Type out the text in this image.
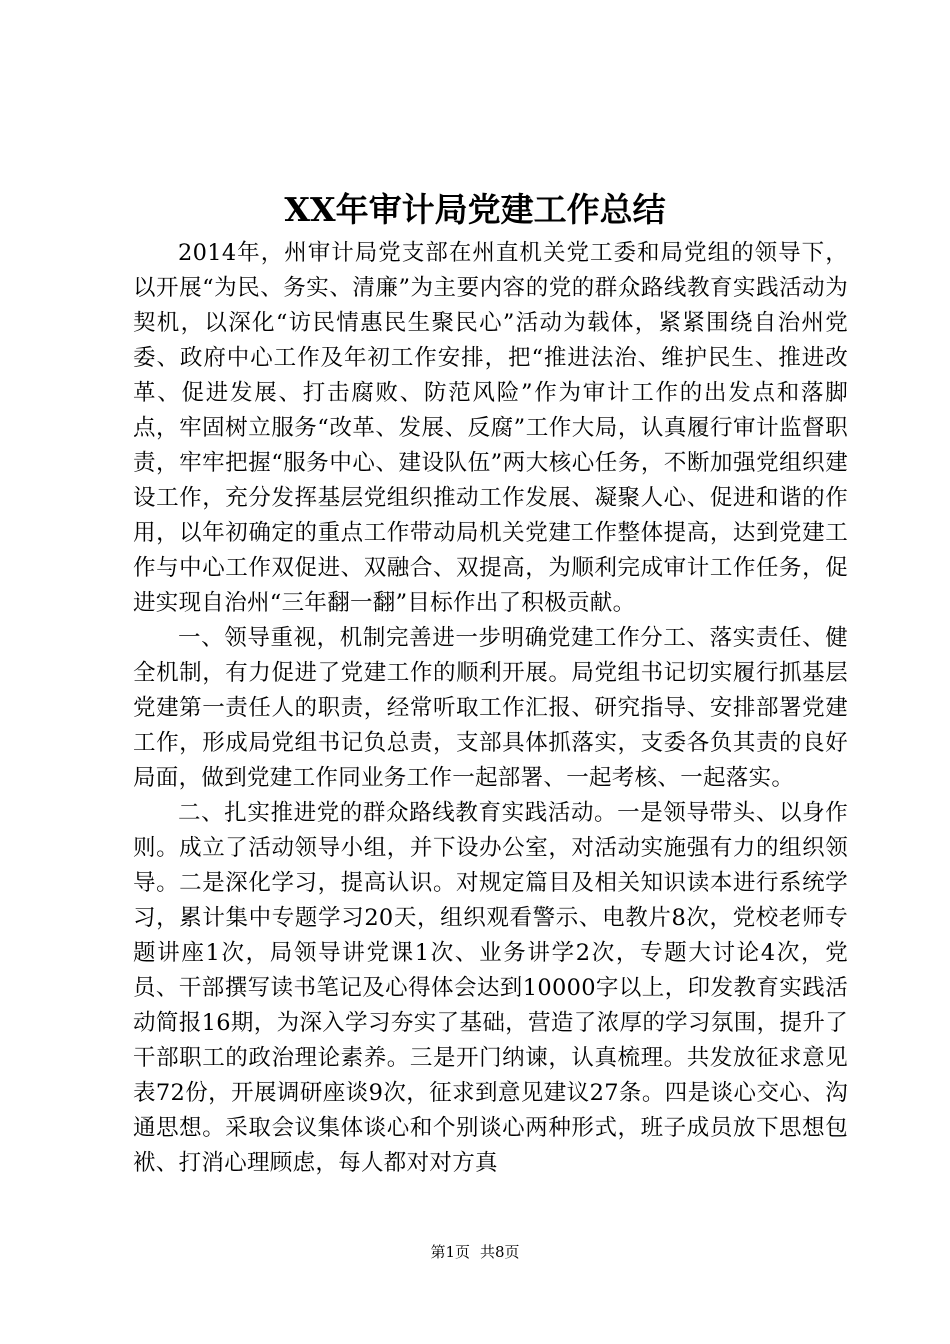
XX年审计局党建工作总结

2014年，州审计局党支部在州直机关党工委和局党组的领导下，以开展“为民、务实、清廉”为主要内容的党的群众路线教育实践活动为契机，以深化“访民情惠民生聚民心”活动为载体，紧紧围绕自治州党委、政府中心工作及年初工作安排，把“推进法治、维护民生、推进改革、促进发展、打击腐败、防范风险”作为审计工作的出发点和落脚点，牢固树立服务“改革、发展、反腐”工作大局，认真履行审计监督职责，牢牢把握“服务中心、建设队伍”两大核心任务，不断加强党组织建设工作，充分发挥基层党组织推动工作发展、凝聚人心、促进和谐的作用，以年初确定的重点工作带动局机关党建工作整体提高，达到党建工作与中心工作双促进、双融合、双提高，为顺利完成审计工作任务，促进实现自治州“三年翻一翻”目标作出了积极贡献。

一、领导重视，机制完善进一步明确党建工作分工、落实责任、健全机制，有力促进了党建工作的顺利开展。局党组书记切实履行抓基层党建第一责任人的职责，经常听取工作汇报、研究指导、安排部署党建工作，形成局党组书记负总责，支部具体抓落实，支委各负其责的良好局面，做到党建工作同业务工作一起部署、一起考核、一起落实。

二、扎实推进党的群众路线教育实践活动。一是领导带头、以身作则。成立了活动领导小组，并下设办公室，对活动实施强有力的组织领导。二是深化学习，提高认识。对规定篇目及相关知识读本进行系统学习，累计集中专题学习20天，组织观看警示、电教片8次，党校老师专题讲座1次，局领导讲党课1次、业务讲学2次，专题大讨论4次，党员、干部撰写读书笔记及心得体会达到10000字以上，印发教育实践活动简报16期，为深入学习夯实了基础，营造了浓厚的学习氛围，提升了干部职工的政治理论素养。三是开门纳谏，认真梳理。共发放征求意见表72份，开展调研座谈9次，征求到意见建议27条。四是谈心交心、沟通思想。采取会议集体谈心和个别谈心两种形式，班子成员放下思想包袱、打消心理顾虑，每人都对对方真

第1页 共8页
